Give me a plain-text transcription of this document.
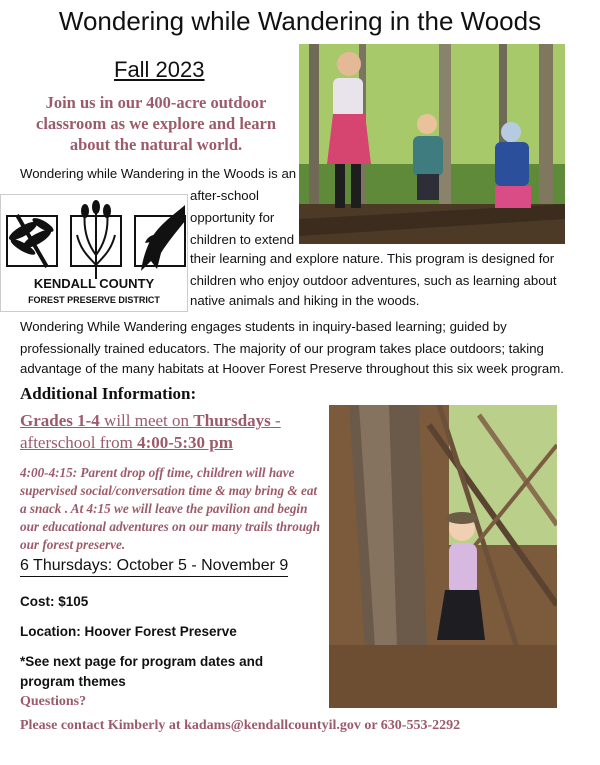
Wondering while Wandering in the Woods
Fall 2023
Join us in our 400-acre outdoor classroom as we explore and learn about the natural world.
Wondering while Wandering in the Woods is an
after-school
opportunity for
children to extend
their learning and explore nature. This program is designed for
children who enjoy outdoor adventures, such as learning about
native animals and hiking in the woods.
Wondering While Wandering engages students in inquiry-based learning; guided by
professionally trained educators. The majority of our program takes place outdoors; taking
advantage of the many habitats at Hoover Forest Preserve throughout this six week program.
KENDALL COUNTY
FOREST PRESERVE DISTRICT
Additional Information:
Grades 1-4 will meet on Thursdays - afterschool from 4:00-5:30 pm
4:00-4:15: Parent drop off time, children will have supervised social/conversation time & may bring & eat a snack . At 4:15 we will leave the pavilion and begin our educational adventures on our many trails through our forest preserve.
6 Thursdays: October 5 - November 9
Cost: $105
Location: Hoover Forest Preserve
*See next page for program dates and program themes
Questions?
Please contact Kimberly at kadams@kendallcountyil.gov or 630-553-2292
